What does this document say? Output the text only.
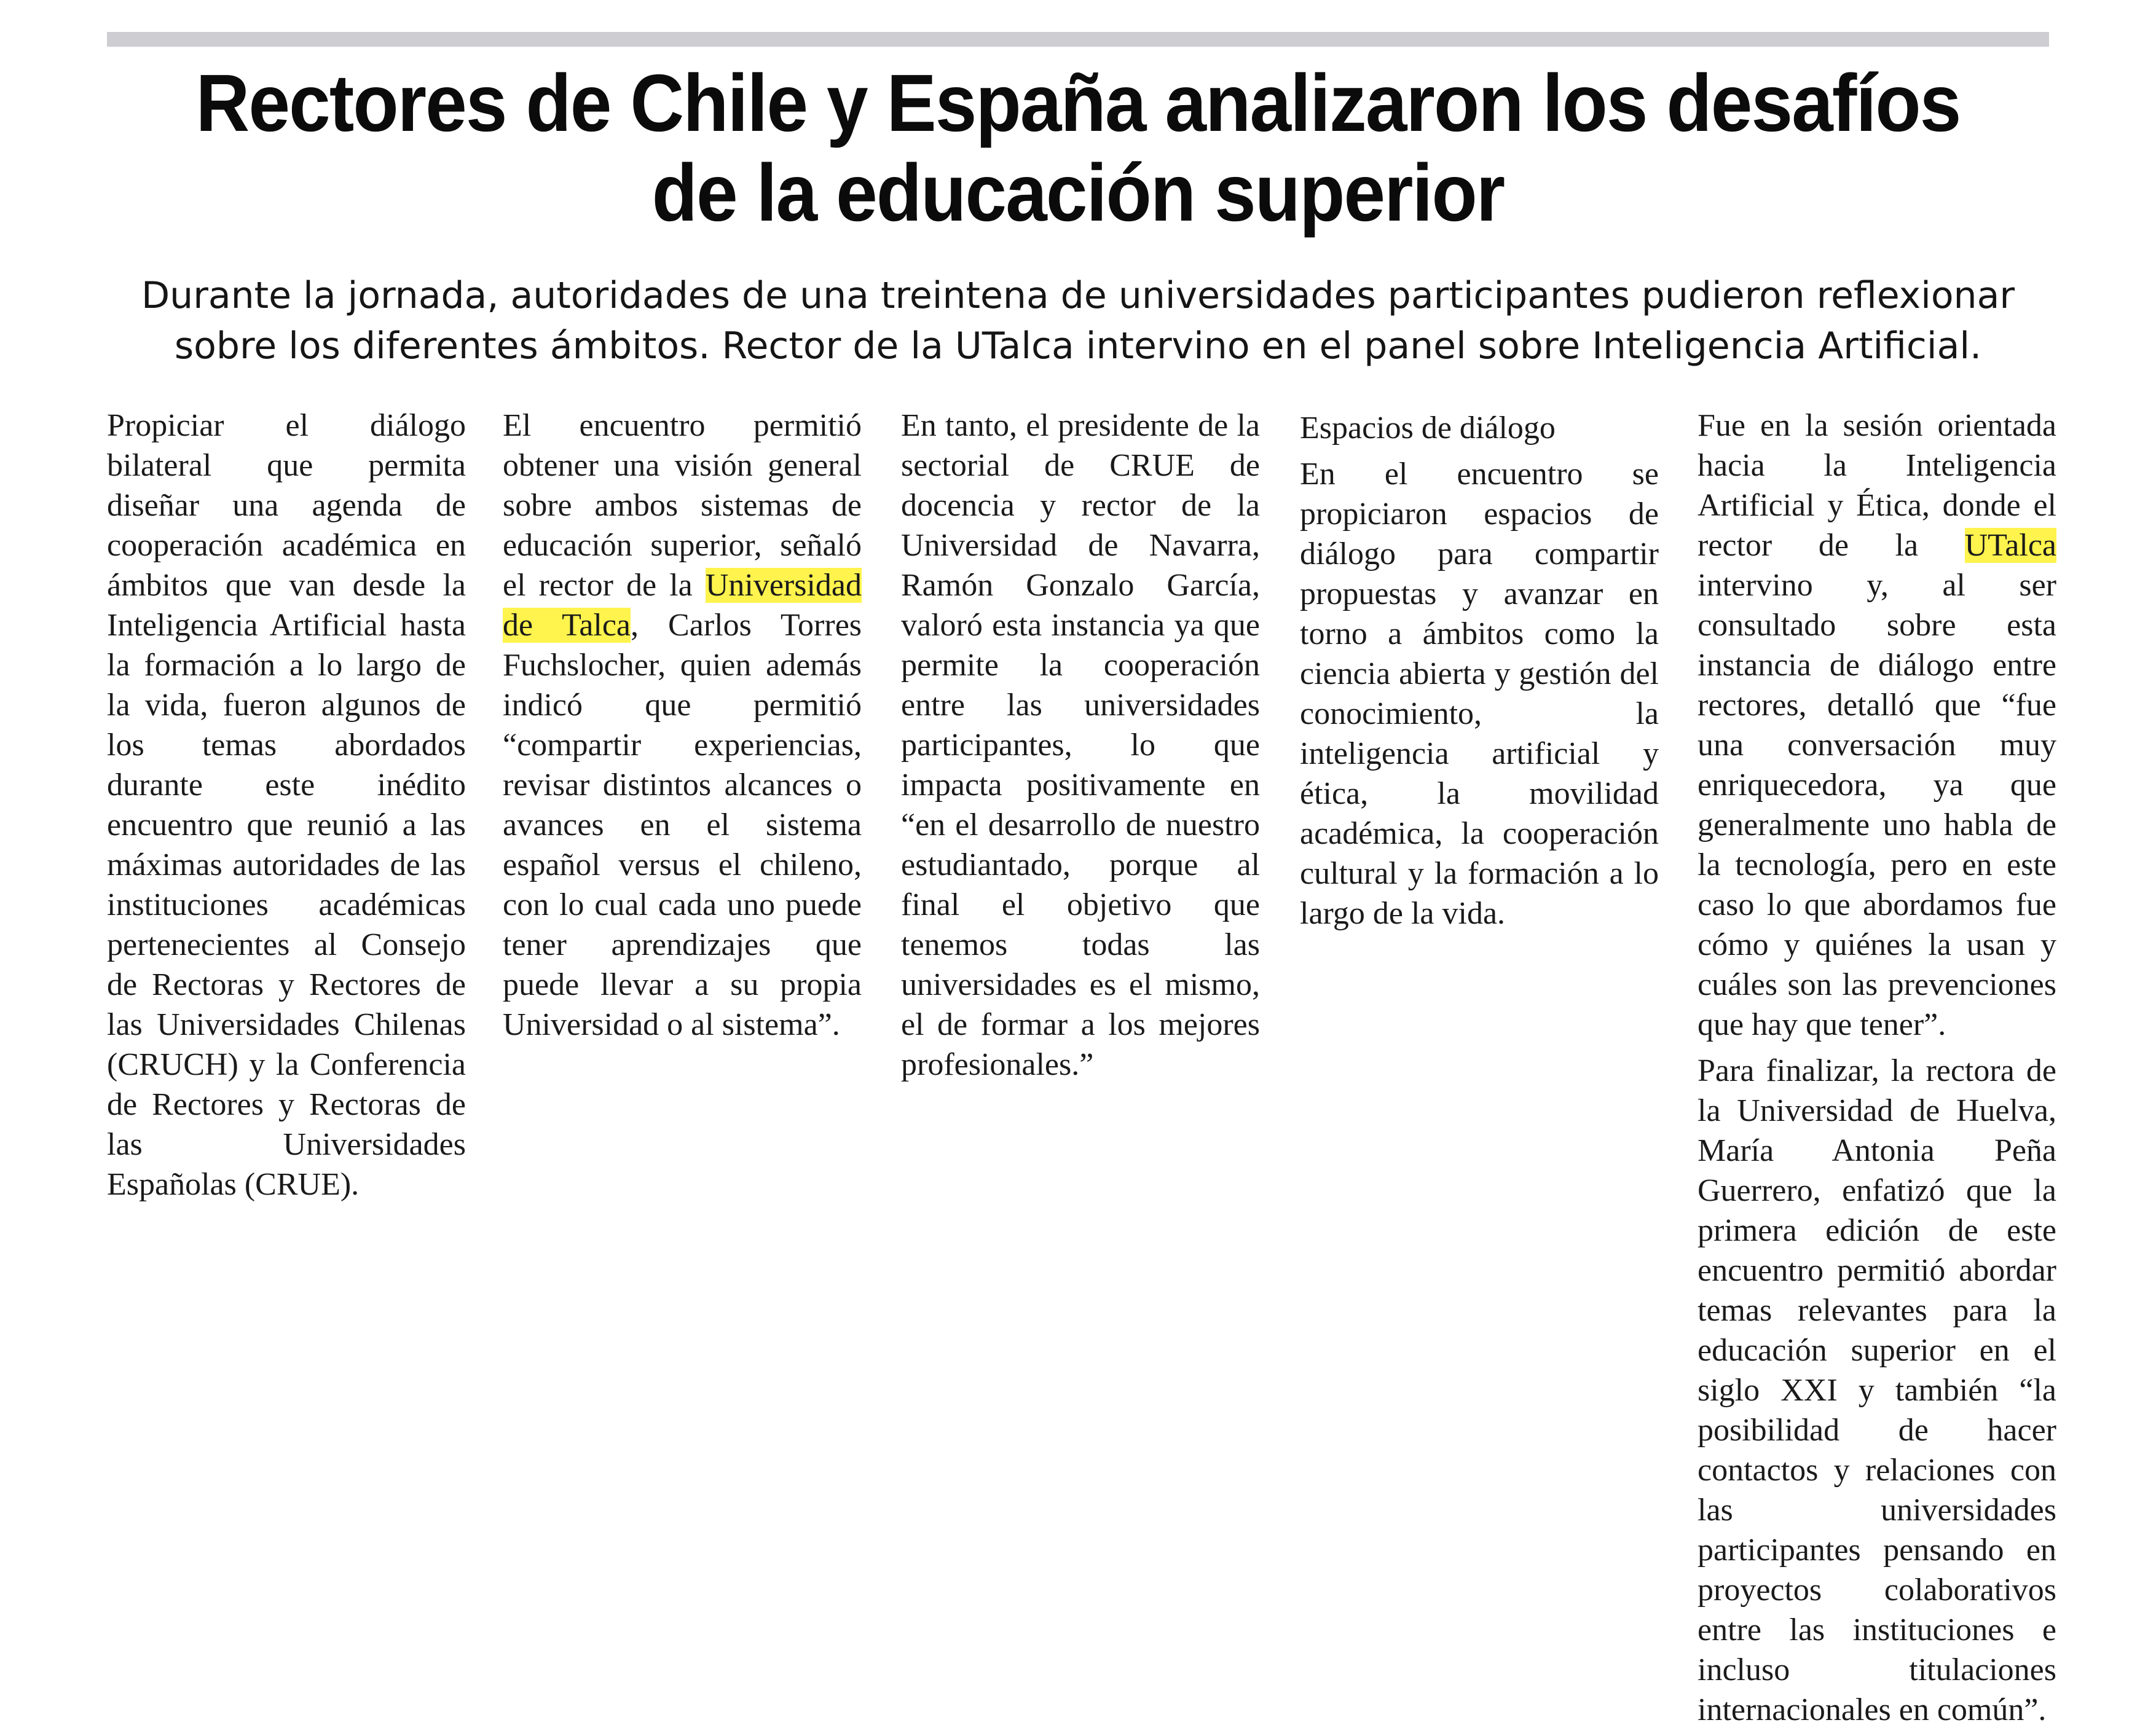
Rectores de Chile y España analizaron los desafíos
de la educación superior
Durante la jornada, autoridades de una treintena de universidades participantes pudieron reflexionar
sobre los diferentes ámbitos. Rector de la UTalca intervino en el panel sobre Inteligencia Artificial.

Propiciar el diálogo bilateral que permita diseñar una agenda de cooperación académica en ámbitos que van desde la Inteligencia Artificial hasta la formación a lo largo de la vida, fueron algunos de los temas abordados durante este inédito encuentro que reunió a las máximas autoridades de las instituciones académicas pertenecientes al Consejo de Rectoras y Rectores de las Universidades Chilenas (CRUCH) y la Conferencia de Rectores y Rectoras de las Universidades Españolas (CRUE).

El encuentro permitió obtener una visión general sobre ambos sistemas de educación superior, señaló el rector de la Universidad de Talca, Carlos Torres Fuchslocher, quien además indicó que permitió “compartir experiencias, revisar distintos alcances o avances en el sistema español versus el chileno, con lo cual cada uno puede tener aprendizajes que puede llevar a su propia Universidad o al sistema”.

En tanto, el presidente de la sectorial de CRUE de docencia y rector de la Universidad de Navarra, Ramón Gonzalo García, valoró esta instancia ya que permite la cooperación entre las universidades participantes, lo que impacta positivamente en “en el desarrollo de nuestro estudiantado, porque al final el objetivo que tenemos todas las universidades es el mismo, el de formar a los mejores profesionales.”

Espacios de diálogo

En el encuentro se propiciaron espacios de diálogo para compartir propuestas y avanzar en torno a ámbitos como la ciencia abierta y gestión del conocimiento, la inteligencia artificial y ética, la movilidad académica, la cooperación cultural y la formación a lo largo de la vida.

Fue en la sesión orientada hacia la Inteligencia Artificial y Ética, donde el rector de la UTalca intervino y, al ser consultado sobre esta instancia de diálogo entre rectores, detalló que “fue una conversación muy enriquecedora, ya que generalmente uno habla de la tecnología, pero en este caso lo que abordamos fue cómo y quiénes la usan y cuáles son las prevenciones que hay que tener”.

Para finalizar, la rectora de la Universidad de Huelva, María Antonia Peña Guerrero, enfatizó que la primera edición de este encuentro permitió abordar temas relevantes para la educación superior en el siglo XXI y también “la posibilidad de hacer contactos y relaciones con las universidades participantes pensando en proyectos colaborativos entre las instituciones e incluso titulaciones internacionales en común”.
